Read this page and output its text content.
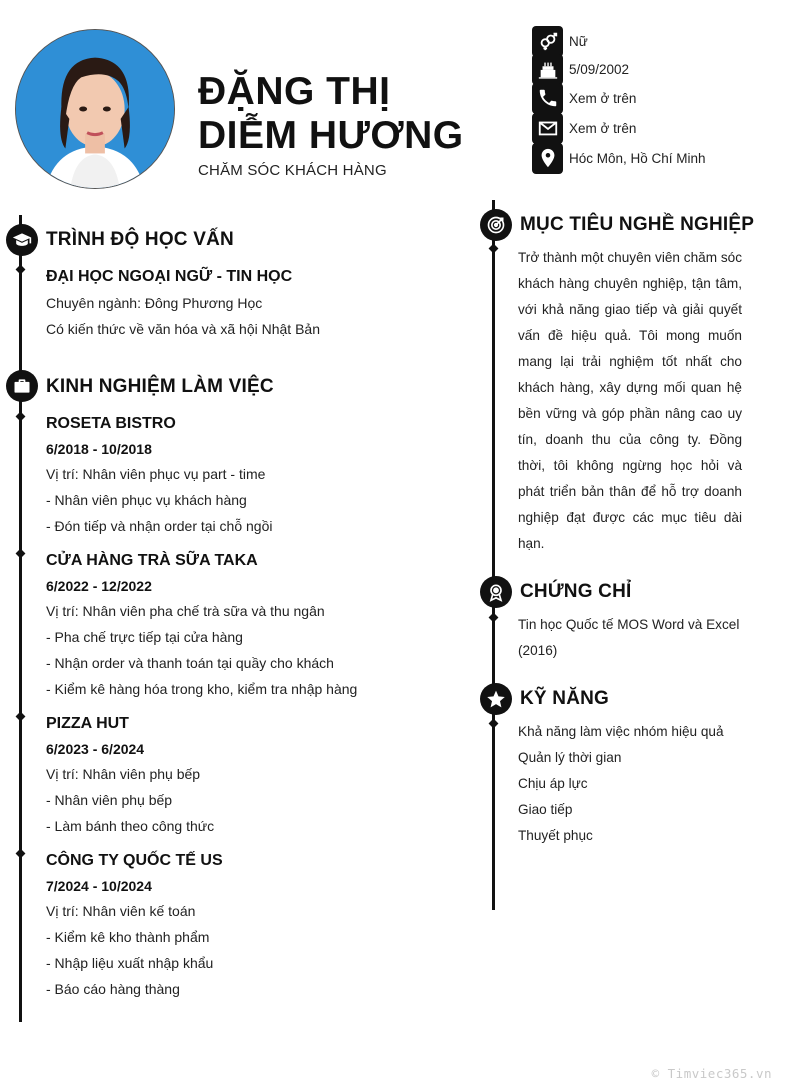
ĐẶNG THỊ
DIỄM HƯƠNG
CHĂM SÓC KHÁCH HÀNG
Nữ
5/09/2002
Xem ở trên
Xem ở trên
Hóc Môn, Hồ Chí Minh
TRÌNH ĐỘ HỌC VẤN
ĐẠI HỌC NGOẠI NGỮ - TIN HỌC
Chuyên ngành: Đông Phương Học
Có kiến thức về văn hóa và xã hội Nhật Bản
KINH NGHIỆM LÀM VIỆC
ROSETA BISTRO
6/2018 - 10/2018
Vị trí: Nhân viên phục vụ part - time
- Nhân viên phục vụ khách hàng
- Đón tiếp và nhận order tại chỗ ngồi
CỬA HÀNG TRÀ SỮA TAKA
6/2022 - 12/2022
Vị trí: Nhân viên pha chế trà sữa và thu ngân
- Pha chế trực tiếp tại cửa hàng
- Nhận order và thanh toán tại quầy cho khách
- Kiểm kê hàng hóa trong kho, kiểm tra nhập hàng
PIZZA HUT
6/2023 - 6/2024
Vị trí: Nhân viên phụ bếp
- Nhân viên phụ bếp
- Làm bánh theo công thức
CÔNG TY QUỐC TẾ US
7/2024 - 10/2024
Vị trí: Nhân viên kế toán
- Kiểm kê kho thành phẩm
- Nhập liệu xuất nhập khẩu
- Báo cáo hàng thàng
MỤC TIÊU NGHỀ NGHIỆP
Trở thành một chuyên viên chăm sóc khách hàng chuyên nghiệp, tận tâm, với khả năng giao tiếp và giải quyết vấn đề hiệu quả. Tôi mong muốn mang lại trải nghiệm tốt nhất cho khách hàng, xây dựng mối quan hệ bền vững và góp phần nâng cao uy tín, doanh thu của công ty. Đồng thời, tôi không ngừng học hỏi và phát triển bản thân để hỗ trợ doanh nghiệp đạt được các mục tiêu dài hạn.
CHỨNG CHỈ
Tin học Quốc tế MOS Word và Excel (2016)
KỸ NĂNG
Khả năng làm việc nhóm hiệu quả
Quản lý thời gian
Chịu áp lực
Giao tiếp
Thuyết phục
© Timviec365.vn
